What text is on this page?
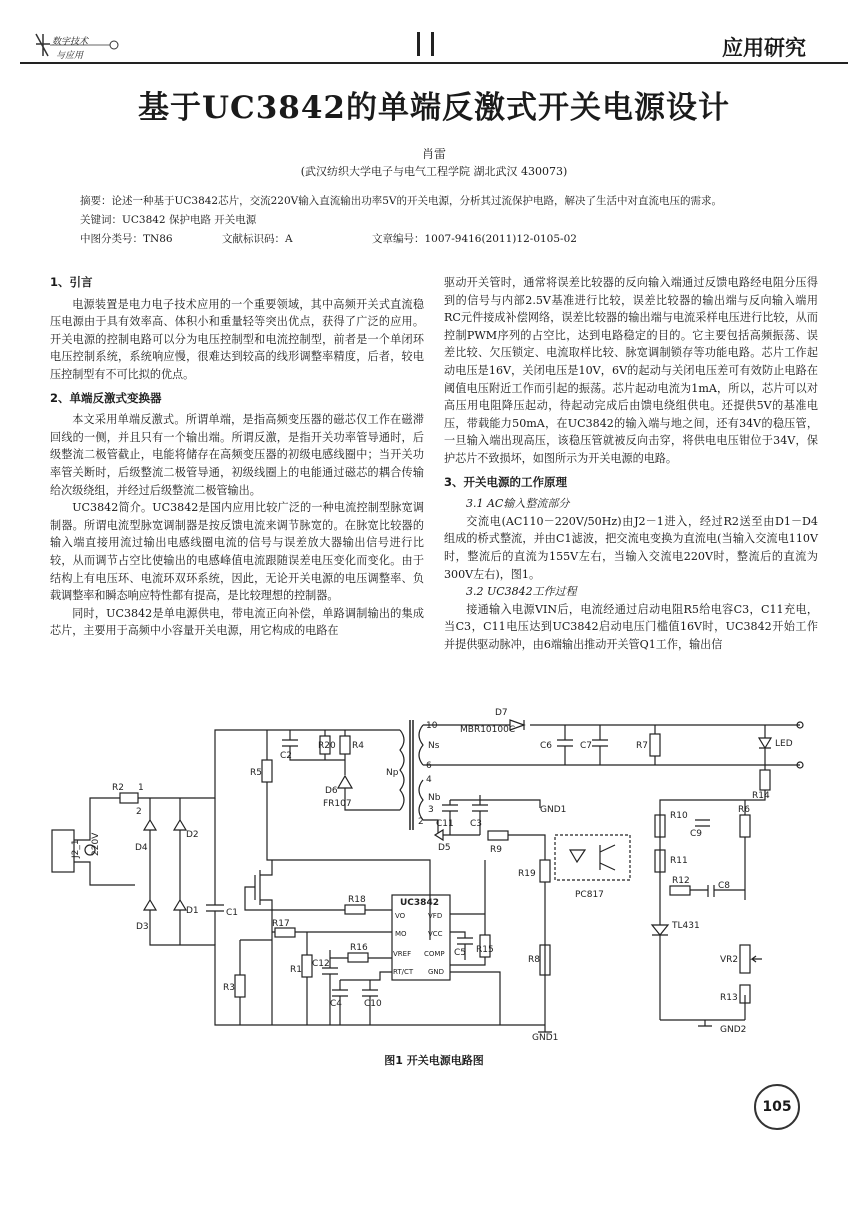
数字技术
与应用	应用研究
基于UC3842的单端反激式开关电源设计
肖雷
(武汉纺织大学电子与电气工程学院 湖北武汉 430073)
摘要：论述一种基于UC3842芯片，交流220V输入直流输出功率5V的开关电源，分析其过流保护电路，解决了生活中对直流电压的需求。
关键词：UC3842 保护电路 开关电源
中图分类号：TN86	文献标识码：A	文章编号：1007-9416(2011)12-0105-02
1、引言

电源装置是电力电子技术应用的一个重要领域，其中高频开关式直流稳压电源由于具有效率高、体积小和重量轻等突出优点，获得了广泛的应用。开关电源的控制电路可以分为电压控制型和电流控制型，前者是一个单闭环电压控制系统，系统响应慢，很难达到较高的线形调整率精度，后者，较电压控制型有不可比拟的优点。

2、单端反激式变换器

本文采用单端反激式。所谓单端，是指高频变压器的磁芯仅工作在磁滞回线的一侧，并且只有一个输出端。所谓反激，是指开关功率管导通时，后级整流二极管截止，电能将储存在高频变压器的初级电感线圈中；当开关功率管关断时，后级整流二极管导通，初级线圈上的电能通过磁芯的耦合传输给次级绕组，并经过后级整流二极管输出。

UC3842简介。UC3842是国内应用比较广泛的一种电流控制型脉宽调制器。所谓电流型脉宽调制器是按反馈电流来调节脉宽的。在脉宽比较器的输入端直接用流过输出电感线圈电流的信号与误差放大器输出信号进行比较，从而调节占空比使输出的电感峰值电流跟随误差电压变化而变化。由于结构上有电压环、电流环双环系统，因此，无论开关电源的电压调整率、负载调整率和瞬态响应特性都有提高，是比较理想的控制器。

同时，UC3842是单电源供电，带电流正向补偿，单路调制输出的集成芯片，主要用于高频中小容量开关电源，用它构成的电路在

驱动开关管时，通常将误差比较器的反向输入端通过反馈电路经电阻分压得到的信号与内部2.5V基准进行比较，误差比较器的输出端与反向输入端用RC元件接成补偿网络，误差比较器的输出端与电流采样电压进行比较，从而控制PWM序列的占空比，达到电路稳定的目的。它主要包括高频振荡、误差比较、欠压锁定、电流取样比较、脉宽调制锁存等功能电路。芯片工作起动电压是16V，关闭电压是10V，6V的起动与关闭电压差可有效防止电路在阈值电压附近工作而引起的振荡。芯片起动电流为1mA，所以，芯片可以对高压用电阻降压起动，待起动完成后由馈电绕组供电。还提供5V的基准电压，带载能力50mA，在UC3842的输入端与地之间，还有34V的稳压管，一旦输入端出现高压，该稳压管就被反向击穿，将供电电压钳位于34V，保护芯片不致损坏，如图所示为开关电源的电路。

3、开关电源的工作原理
3.1 AC输入整流部分

交流电(AC110－220V/50Hz)由J2－1进入，经过R2送至由D1－D4组成的桥式整流，并由C1滤波，把交流电变换为直流电(当输入交流电110V时，整流后的直流为155V左右，当输入交流电220V时，整流后的直流为300V左右)，图1。

3.2 UC3842工作过程

接通输入电源VIN后，电流经通过启动电阻R5给电容C3，C11充电，当C3，C11电压达到UC3842启动电压门槛值16V时，UC3842开始工作并提供驱动脉冲，由6端输出推动开关管Q1工作，输出信

J2_1 220V
R2 1
D4
D2
D3
D1
2
C1
R5
C2
R20 R4
D6
FR107
Np
10
Ns
6
4
Nb
3
2
D7
MBR10100C
C6	C7	R7	LED
R14
C11 C3
GND1
D5	R9
R19
PC817
R8
R10
C9
R6
R11
R12	C8
TL431
VR2
R13
GND2
UC3842
VO	VFD
MO	VCC
VREF COMP
RT/CT GND
R18
R17
R3
R1
C12
C4
R16
C10
C5 R15
GND1
图1 开关电源电路图
105
